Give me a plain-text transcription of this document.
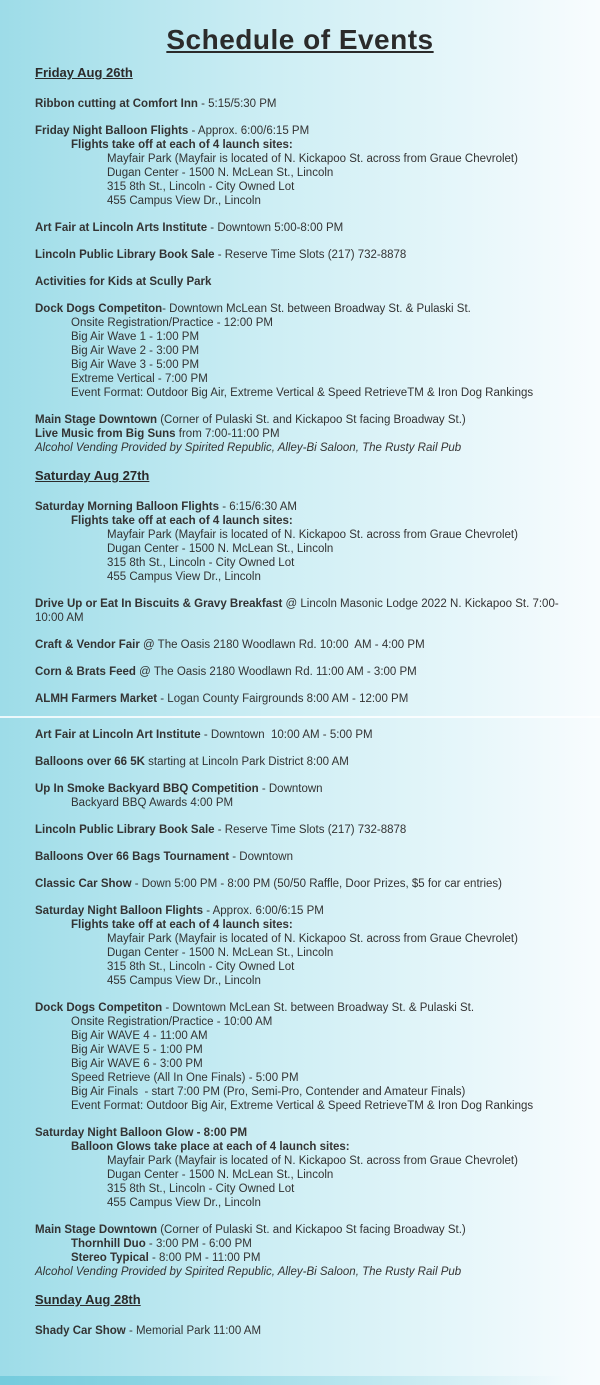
Schedule of Events
Friday Aug 26th
Ribbon cutting at Comfort Inn - 5:15/5:30 PM
Friday Night Balloon Flights - Approx. 6:00/6:15 PM
Flights take off at each of 4 launch sites:
Mayfair Park (Mayfair is located of N. Kickapoo St. across from Graue Chevrolet)
Dugan Center - 1500 N. McLean St., Lincoln
315 8th St., Lincoln - City Owned Lot
455 Campus View Dr., Lincoln
Art Fair at Lincoln Arts Institute - Downtown 5:00-8:00 PM
Lincoln Public Library Book Sale - Reserve Time Slots (217) 732-8878
Activities for Kids at Scully Park
Dock Dogs Competiton- Downtown McLean St. between Broadway St. & Pulaski St.
Onsite Registration/Practice - 12:00 PM
Big Air Wave 1 - 1:00 PM
Big Air Wave 2 - 3:00 PM
Big Air Wave 3 - 5:00 PM
Extreme Vertical - 7:00 PM
Event Format: Outdoor Big Air, Extreme Vertical & Speed RetrieveTM & Iron Dog Rankings
Main Stage Downtown (Corner of Pulaski St. and Kickapoo St facing Broadway St.)
Live Music from Big Suns from 7:00-11:00 PM
Alcohol Vending Provided by Spirited Republic, Alley-Bi Saloon, The Rusty Rail Pub
Saturday Aug 27th
Saturday Morning Balloon Flights - 6:15/6:30 AM
Flights take off at each of 4 launch sites:
Mayfair Park (Mayfair is located of N. Kickapoo St. across from Graue Chevrolet)
Dugan Center - 1500 N. McLean St., Lincoln
315 8th St., Lincoln - City Owned Lot
455 Campus View Dr., Lincoln
Drive Up or Eat In Biscuits & Gravy Breakfast @ Lincoln Masonic Lodge 2022 N. Kickapoo St. 7:00-10:00 AM
Craft & Vendor Fair @ The Oasis 2180 Woodlawn Rd. 10:00  AM - 4:00 PM
Corn & Brats Feed @ The Oasis 2180 Woodlawn Rd. 11:00 AM - 3:00 PM
ALMH Farmers Market - Logan County Fairgrounds 8:00 AM - 12:00 PM
Art Fair at Lincoln Art Institute - Downtown  10:00 AM - 5:00 PM
Balloons over 66 5K starting at Lincoln Park District 8:00 AM
Up In Smoke Backyard BBQ Competition - Downtown
Backyard BBQ Awards 4:00 PM
Lincoln Public Library Book Sale - Reserve Time Slots (217) 732-8878
Balloons Over 66 Bags Tournament - Downtown
Classic Car Show - Down 5:00 PM - 8:00 PM (50/50 Raffle, Door Prizes, $5 for car entries)
Saturday Night Balloon Flights - Approx. 6:00/6:15 PM
Flights take off at each of 4 launch sites:
Mayfair Park (Mayfair is located of N. Kickapoo St. across from Graue Chevrolet)
Dugan Center - 1500 N. McLean St., Lincoln
315 8th St., Lincoln - City Owned Lot
455 Campus View Dr., Lincoln
Dock Dogs Competiton - Downtown McLean St. between Broadway St. & Pulaski St.
Onsite Registration/Practice - 10:00 AM
Big Air WAVE 4 - 11:00 AM
Big Air WAVE 5 - 1:00 PM
Big Air WAVE 6 - 3:00 PM
Speed Retrieve (All In One Finals) - 5:00 PM
Big Air Finals  - start 7:00 PM (Pro, Semi-Pro, Contender and Amateur Finals)
Event Format: Outdoor Big Air, Extreme Vertical & Speed RetrieveTM & Iron Dog Rankings
Saturday Night Balloon Glow - 8:00 PM
Balloon Glows take place at each of 4 launch sites:
Mayfair Park (Mayfair is located of N. Kickapoo St. across from Graue Chevrolet)
Dugan Center - 1500 N. McLean St., Lincoln
315 8th St., Lincoln - City Owned Lot
455 Campus View Dr., Lincoln
Main Stage Downtown (Corner of Pulaski St. and Kickapoo St facing Broadway St.)
Thornhill Duo - 3:00 PM - 6:00 PM
Stereo Typical - 8:00 PM - 11:00 PM
Alcohol Vending Provided by Spirited Republic, Alley-Bi Saloon, The Rusty Rail Pub
Sunday Aug 28th
Shady Car Show - Memorial Park 11:00 AM
